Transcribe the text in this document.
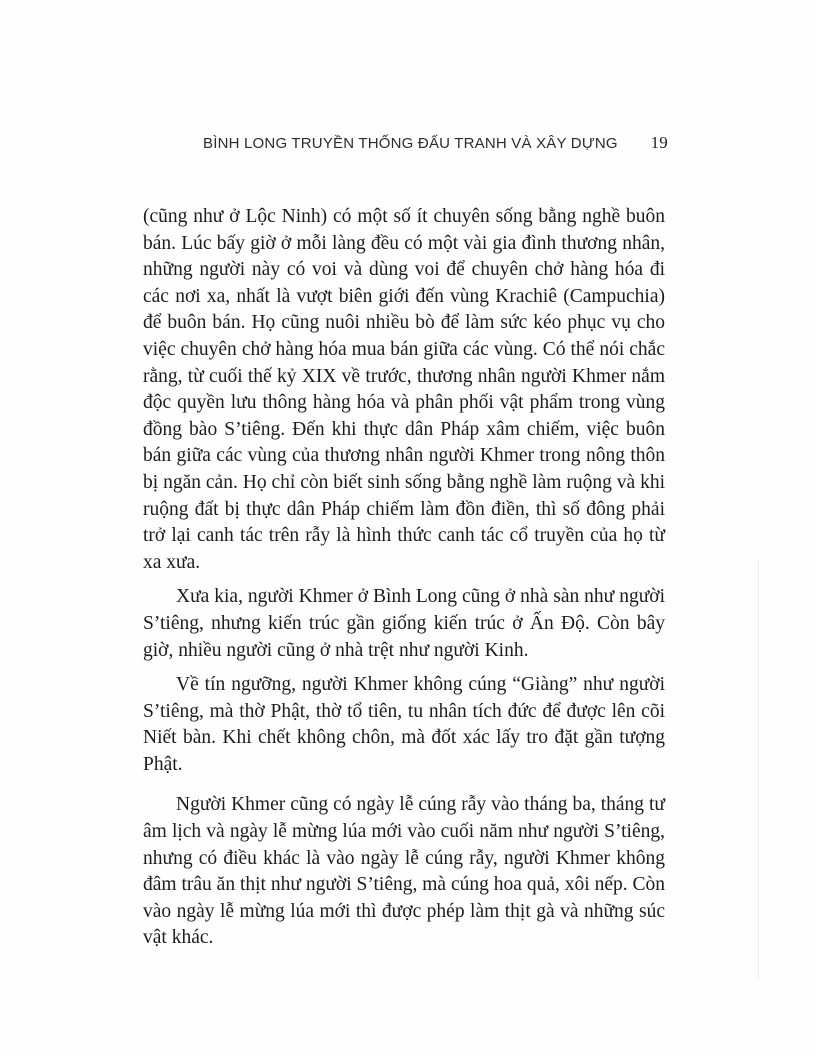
BÌNH LONG TRUYỀN THỐNG ĐẤU TRANH VÀ XÂY DỰNG 19

(cũng như ở Lộc Ninh) có một số ít chuyên sống bằng nghề buôn bán. Lúc bấy giờ ở mỗi làng đều có một vài gia đình thương nhân, những người này có voi và dùng voi để chuyên chở hàng hóa đi các nơi xa, nhất là vượt biên giới đến vùng Krachiê (Campuchia) để buôn bán. Họ cũng nuôi nhiều bò để làm sức kéo phục vụ cho việc chuyên chở hàng hóa mua bán giữa các vùng. Có thể nói chắc rằng, từ cuối thế kỷ XIX về trước, thương nhân người Khmer nắm độc quyền lưu thông hàng hóa và phân phối vật phẩm trong vùng đồng bào S’tiêng. Đến khi thực dân Pháp xâm chiếm, việc buôn bán giữa các vùng của thương nhân người Khmer trong nông thôn bị ngăn cản. Họ chỉ còn biết sinh sống bằng nghề làm ruộng và khi ruộng đất bị thực dân Pháp chiếm làm đồn điền, thì số đông phải trở lại canh tác trên rẫy là hình thức canh tác cổ truyền của họ từ xa xưa.

Xưa kia, người Khmer ở Bình Long cũng ở nhà sàn như người S’tiêng, nhưng kiến trúc gần giống kiến trúc ở Ấn Độ. Còn bây giờ, nhiều người cũng ở nhà trệt như người Kinh.

Về tín ngưỡng, người Khmer không cúng “Giàng” như người S’tiêng, mà thờ Phật, thờ tổ tiên, tu nhân tích đức để được lên cõi Niết bàn. Khi chết không chôn, mà đốt xác lấy tro đặt gần tượng Phật.

Người Khmer cũng có ngày lễ cúng rẫy vào tháng ba, tháng tư âm lịch và ngày lễ mừng lúa mới vào cuối năm như người S’tiêng, nhưng có điều khác là vào ngày lễ cúng rẫy, người Khmer không đâm trâu ăn thịt như người S’tiêng, mà cúng hoa quả, xôi nếp. Còn vào ngày lễ mừng lúa mới thì được phép làm thịt gà và những súc vật khác.
